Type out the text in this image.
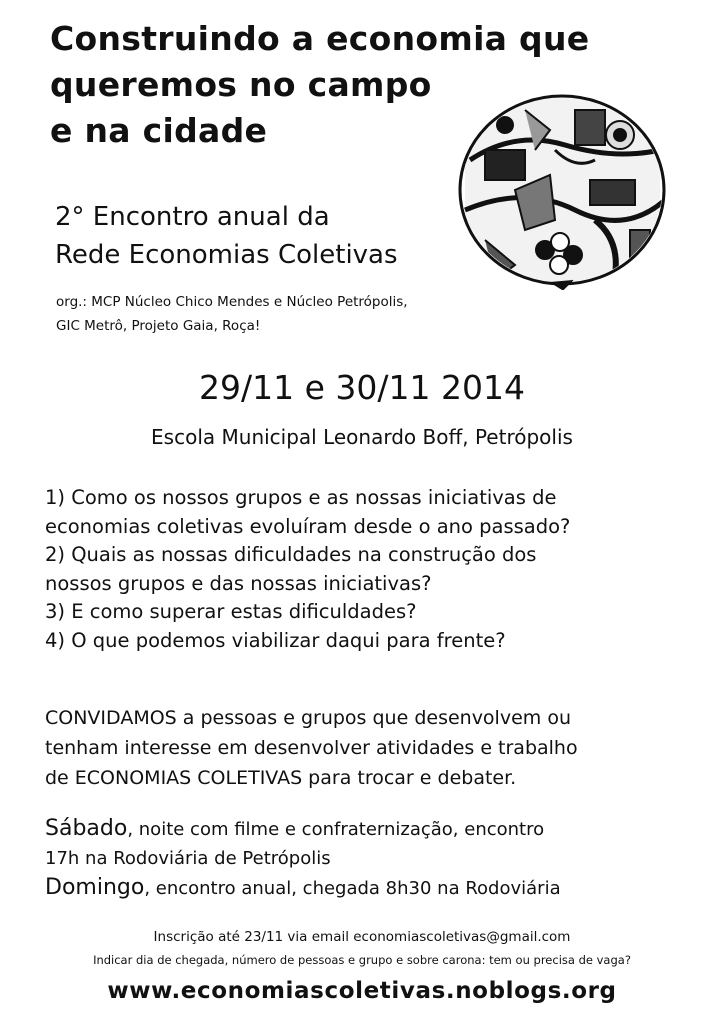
Construindo a economia que
queremos no campo
e na cidade
2° Encontro anual da
Rede Economias Coletivas
org.: MCP Núcleo Chico Mendes e Núcleo Petrópolis,
GIC Metrô, Projeto Gaia, Roça!
29/11 e 30/11 2014
Escola Municipal Leonardo Boff, Petrópolis
1) Como os nossos grupos e as nossas iniciativas de
economias coletivas evoluíram desde o ano passado?
2) Quais as nossas dificuldades na construção dos
nossos grupos e das nossas iniciativas?
3) E como superar estas dificuldades?
4) O que podemos viabilizar daqui para frente?
CONVIDAMOS a pessoas e grupos que desenvolvem ou
tenham interesse em desenvolver atividades e trabalho
de ECONOMIAS COLETIVAS para trocar e debater.
Sábado, noite com filme e confraternização, encontro
17h na Rodoviária de Petrópolis
Domingo, encontro anual, chegada 8h30 na Rodoviária
Inscrição até 23/11 via email economiascoletivas@gmail.com
Indicar dia de chegada, número de pessoas e grupo e sobre carona: tem ou precisa de vaga?
www.economiascoletivas.noblogs.org
